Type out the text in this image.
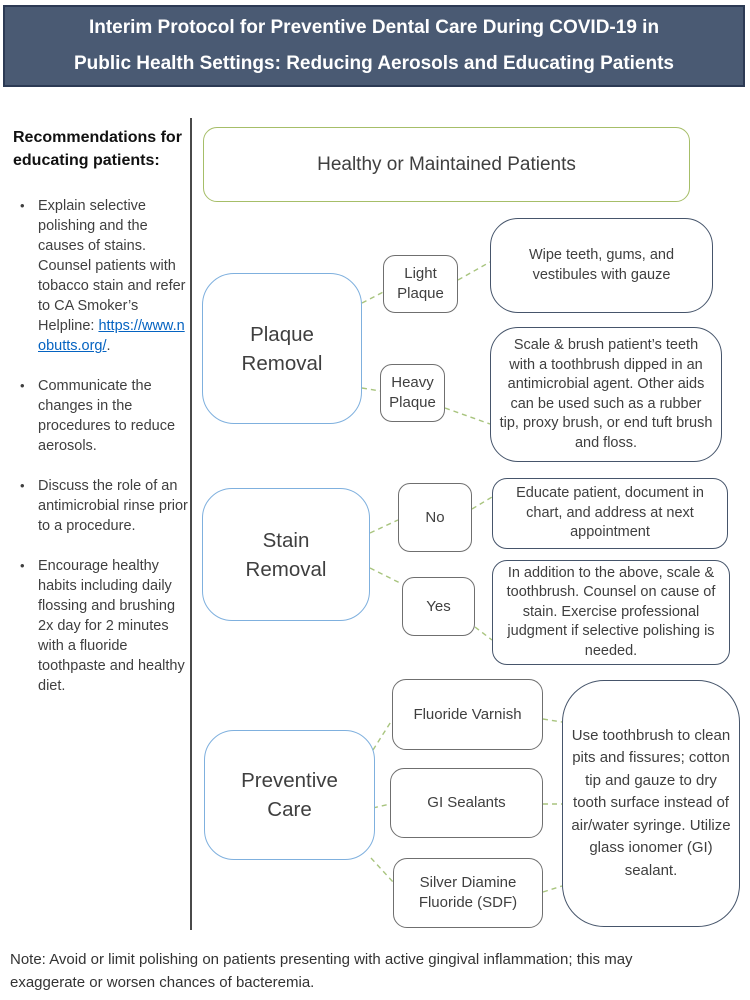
Interim Protocol for Preventive Dental Care During COVID-19 in
Public Health Settings: Reducing Aerosols and Educating Patients
Recommendations for educating patients:
• Explain selective polishing and the causes of stains. Counsel patients with tobacco stain and refer to CA Smoker’s Helpline: https://www.nobutts.org/.
• Communicate the changes in the procedures to reduce aerosols.
• Discuss the role of an antimicrobial rinse prior to a procedure.
• Encourage healthy habits including daily flossing and brushing 2x day for 2 minutes with a fluoride toothpaste and healthy diet.
Healthy or Maintained Patients
Plaque Removal
Light Plaque
Heavy Plaque
Wipe teeth, gums, and vestibules with gauze
Scale & brush patient’s teeth with a toothbrush dipped in an antimicrobial agent. Other aids can be used such as a rubber tip, proxy brush, or end tuft brush and floss.
Stain Removal
No
Yes
Educate patient, document in chart, and address at next appointment
In addition to the above, scale & toothbrush. Counsel on cause of stain. Exercise professional judgment if selective polishing is needed.
Preventive Care
Fluoride Varnish
GI Sealants
Silver Diamine Fluoride (SDF)
Use toothbrush to clean pits and fissures; cotton tip and gauze to dry tooth surface instead of air/water syringe. Utilize glass ionomer (GI) sealant.
Note: Avoid or limit polishing on patients presenting with active gingival inflammation; this may exaggerate or worsen chances of bacteremia.
